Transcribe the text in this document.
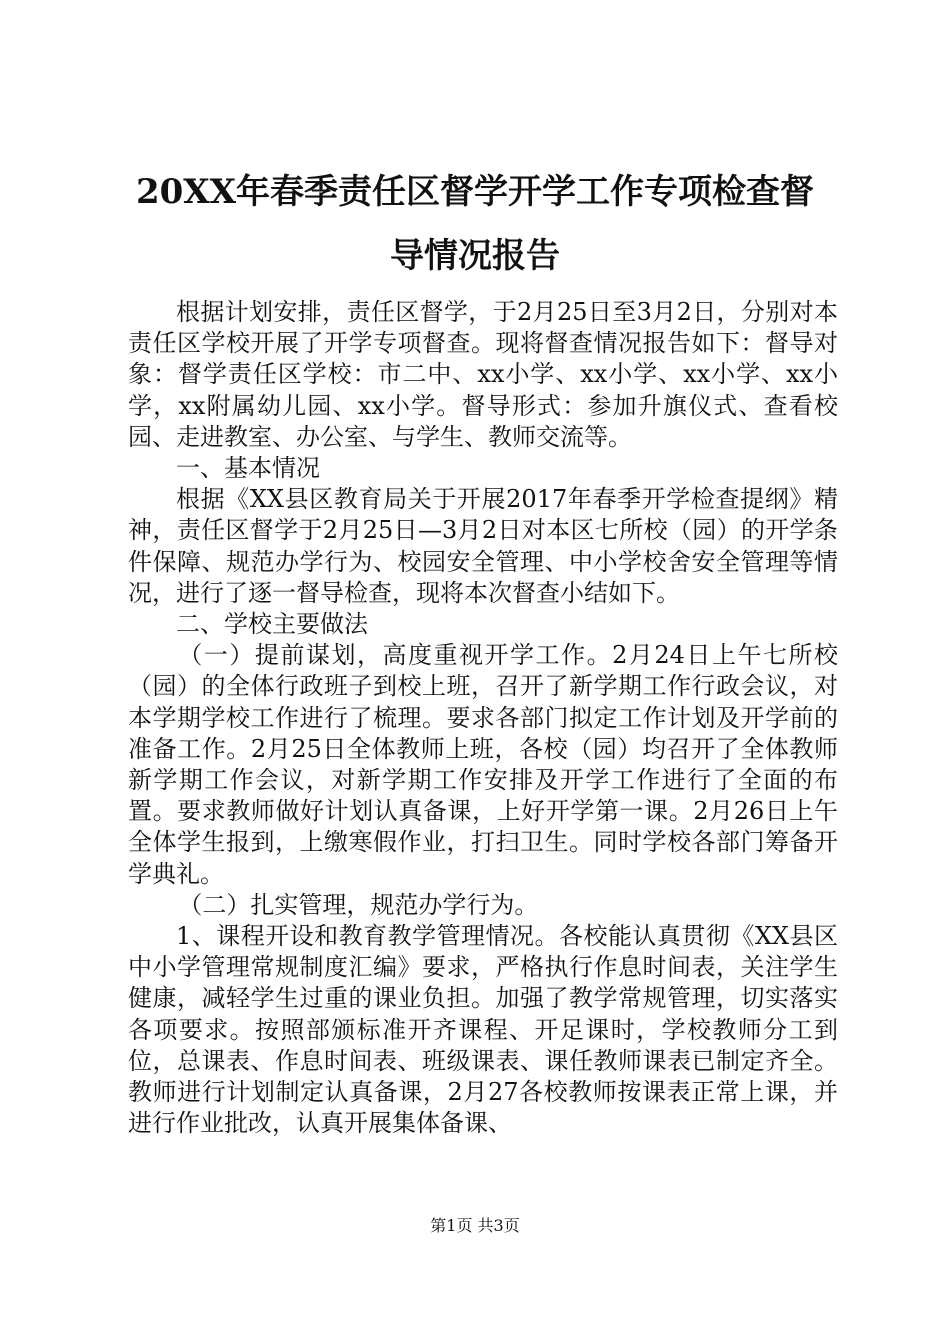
20XX年春季责任区督学开学工作专项检查督
导情况报告

根据计划安排，责任区督学，于2月25日至3月2日，分别对本责任区学校开展了开学专项督查。现将督查情况报告如下：督导对象：督学责任区学校：市二中、xx小学、xx小学、xx小学、xx小学，xx附属幼儿园、xx小学。督导形式：参加升旗仪式、查看校园、走进教室、办公室、与学生、教师交流等。

一、基本情况

根据《XX县区教育局关于开展2017年春季开学检查提纲》精神，责任区督学于2月25日—3月2日对本区七所校（园）的开学条件保障、规范办学行为、校园安全管理、中小学校舍安全管理等情况，进行了逐一督导检查，现将本次督查小结如下。

二、学校主要做法

（一）提前谋划，高度重视开学工作。2月24日上午七所校（园）的全体行政班子到校上班，召开了新学期工作行政会议，对本学期学校工作进行了梳理。要求各部门拟定工作计划及开学前的准备工作。2月25日全体教师上班，各校（园）均召开了全体教师新学期工作会议，对新学期工作安排及开学工作进行了全面的布置。要求教师做好计划认真备课，上好开学第一课。2月26日上午全体学生报到，上缴寒假作业，打扫卫生。同时学校各部门筹备开学典礼。

（二）扎实管理，规范办学行为。

1、课程开设和教育教学管理情况。各校能认真贯彻《XX县区中小学管理常规制度汇编》要求，严格执行作息时间表，关注学生健康，减轻学生过重的课业负担。加强了教学常规管理，切实落实各项要求。按照部颁标准开齐课程、开足课时，学校教师分工到位，总课表、作息时间表、班级课表、课任教师课表已制定齐全。教师进行计划制定认真备课，2月27各校教师按课表正常上课，并进行作业批改，认真开展集体备课、

第1页 共3页
